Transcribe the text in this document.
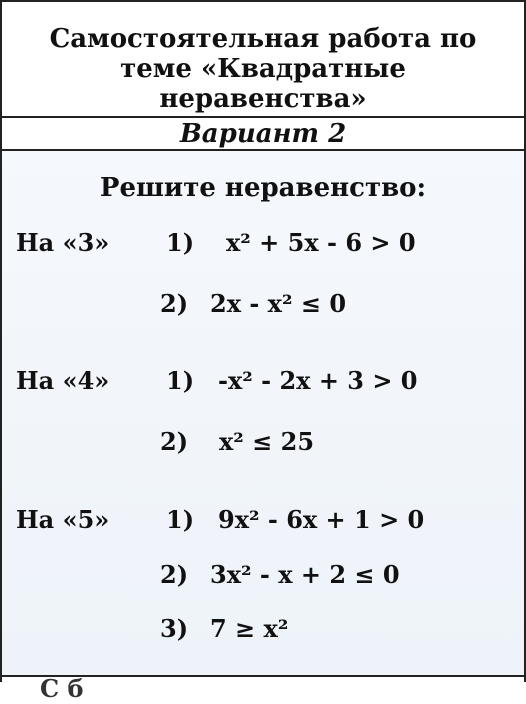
Самостоятельная работа по
теме «Квадратные
неравенства»
Вариант 2
Решите неравенство:
На «3» 1)	x² + 5x - 6 > 0
2) 2x - x² ≤ 0
На «4» 1) -x² - 2x + 3 > 0
2)	x² ≤ 25
На «5» 1) 9x² - 6x + 1 > 0
2) 3x² - x + 2 ≤ 0
3) 7 ≥ x²
С б
